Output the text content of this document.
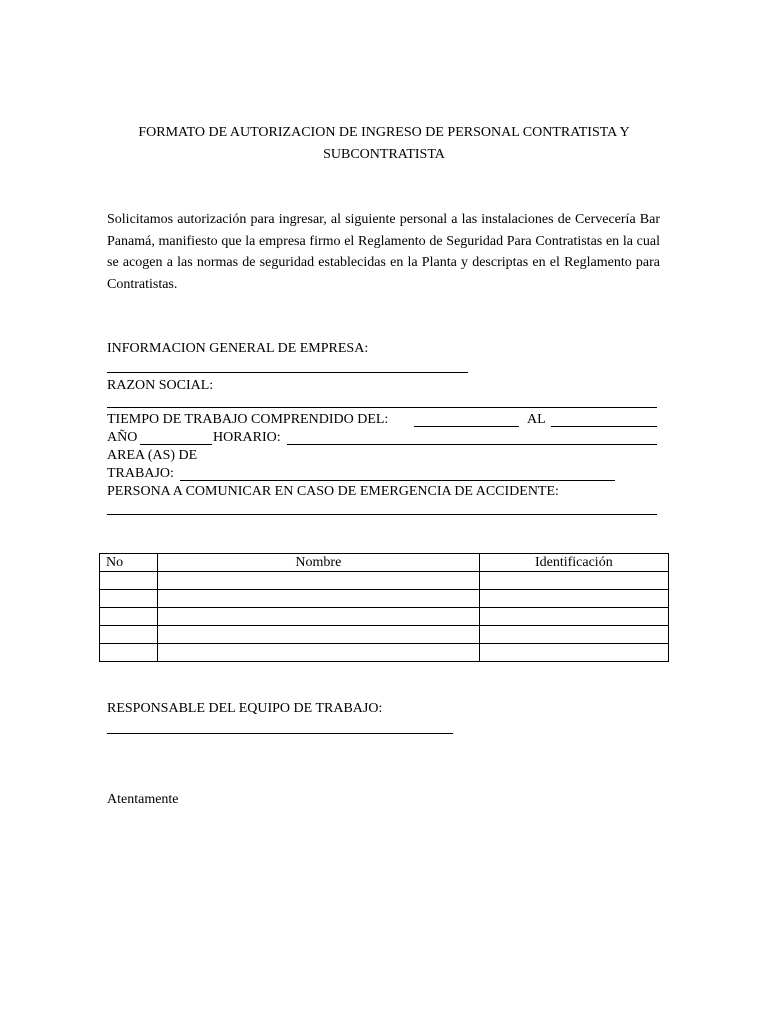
FORMATO DE AUTORIZACION DE INGRESO DE PERSONAL CONTRATISTA Y
SUBCONTRATISTA

Solicitamos autorización para ingresar, al siguiente personal a las instalaciones de Cervecería Bar Panamá, manifiesto que la empresa firmo el Reglamento de Seguridad Para Contratistas en la cual se acogen a las normas de seguridad establecidas en la Planta y descriptas en el Reglamento para Contratistas.

INFORMACION GENERAL DE EMPRESA:
RAZON SOCIAL:
TIEMPO DE TRABAJO COMPRENDIDO DEL:	AL
AÑO	HORARIO:
AREA (AS) DE
TRABAJO:
PERSONA A COMUNICAR EN CASO DE EMERGENCIA DE ACCIDENTE:
No	Nombre	Identificación

RESPONSABLE DEL EQUIPO DE TRABAJO:
Atentamente
